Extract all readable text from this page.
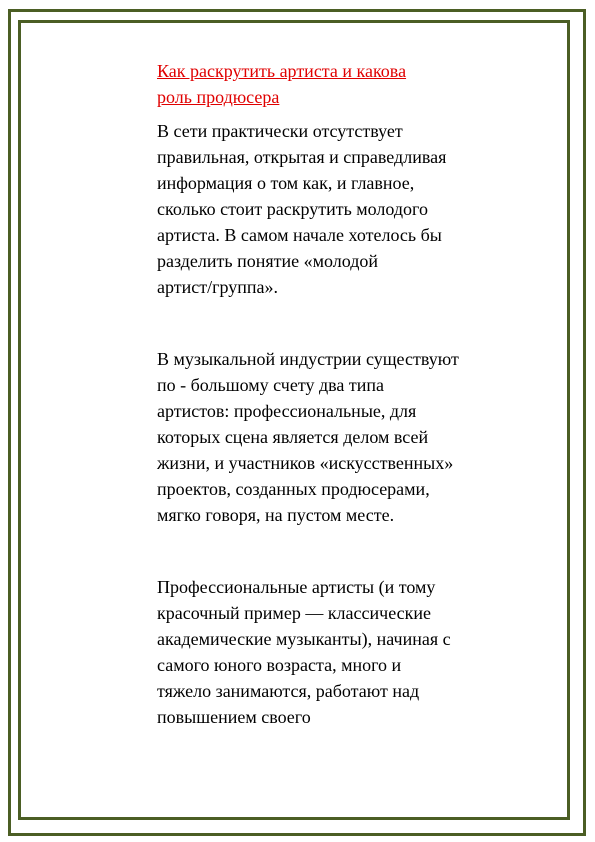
Как раскрутить артиста и какова
роль продюсера

В сети практически отсутствует
правильная, открытая и справедливая
информация о том как, и главное,
сколько стоит раскрутить молодого
артиста. В самом начале хотелось бы
разделить понятие «молодой
артист/группа».

В музыкальной индустрии существуют
по - большому счету два типа
артистов: профессиональные, для
которых сцена является делом всей
жизни, и участников «искусственных»
проектов, созданных продюсерами,
мягко говоря, на пустом месте.

Профессиональные артисты (и тому
красочный пример — классические
академические музыканты), начиная с
самого юного возраста, много и
тяжело занимаются, работают над
повышением своего
